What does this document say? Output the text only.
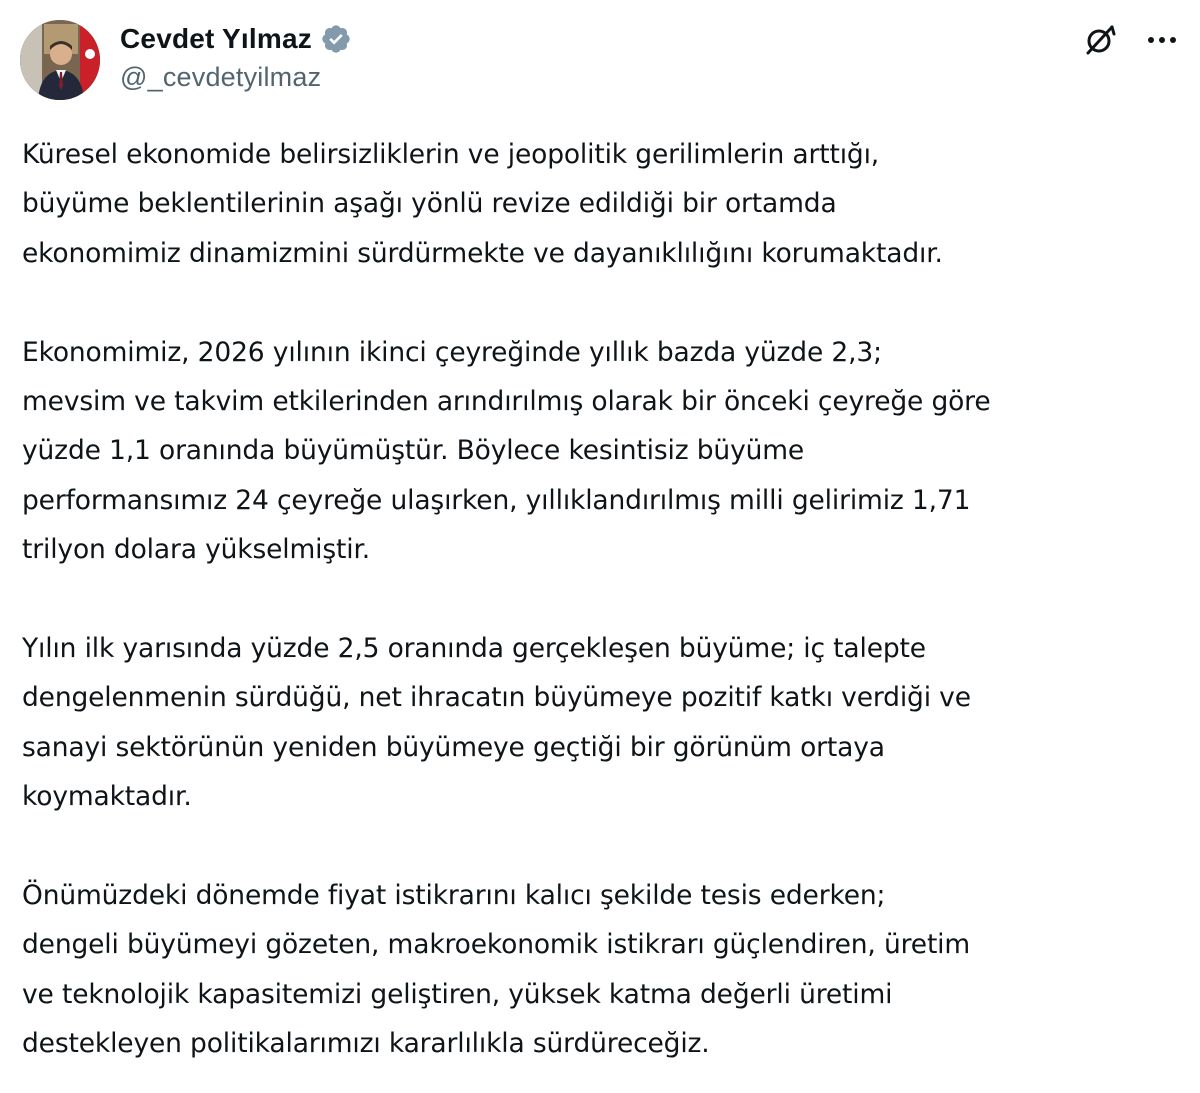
Cevdet Yılmaz
@_cevdetyilmaz

Küresel ekonomide belirsizliklerin ve jeopolitik gerilimlerin arttığı,
büyüme beklentilerinin aşağı yönlü revize edildiği bir ortamda
ekonomimiz dinamizmini sürdürmekte ve dayanıklılığını korumaktadır.

Ekonomimiz, 2026 yılının ikinci çeyreğinde yıllık bazda yüzde 2,3;
mevsim ve takvim etkilerinden arındırılmış olarak bir önceki çeyreğe göre
yüzde 1,1 oranında büyümüştür. Böylece kesintisiz büyüme
performansımız 24 çeyreğe ulaşırken, yıllıklandırılmış milli gelirimiz 1,71
trilyon dolara yükselmiştir.

Yılın ilk yarısında yüzde 2,5 oranında gerçekleşen büyüme; iç talepte
dengelenmenin sürdüğü, net ihracatın büyümeye pozitif katkı verdiği ve
sanayi sektörünün yeniden büyümeye geçtiği bir görünüm ortaya
koymaktadır.

Önümüzdeki dönemde fiyat istikrarını kalıcı şekilde tesis ederken;
dengeli büyümeyi gözeten, makroekonomik istikrarı güçlendiren, üretim
ve teknolojik kapasitemizi geliştiren, yüksek katma değerli üretimi
destekleyen politikalarımızı kararlılıkla sürdüreceğiz.
